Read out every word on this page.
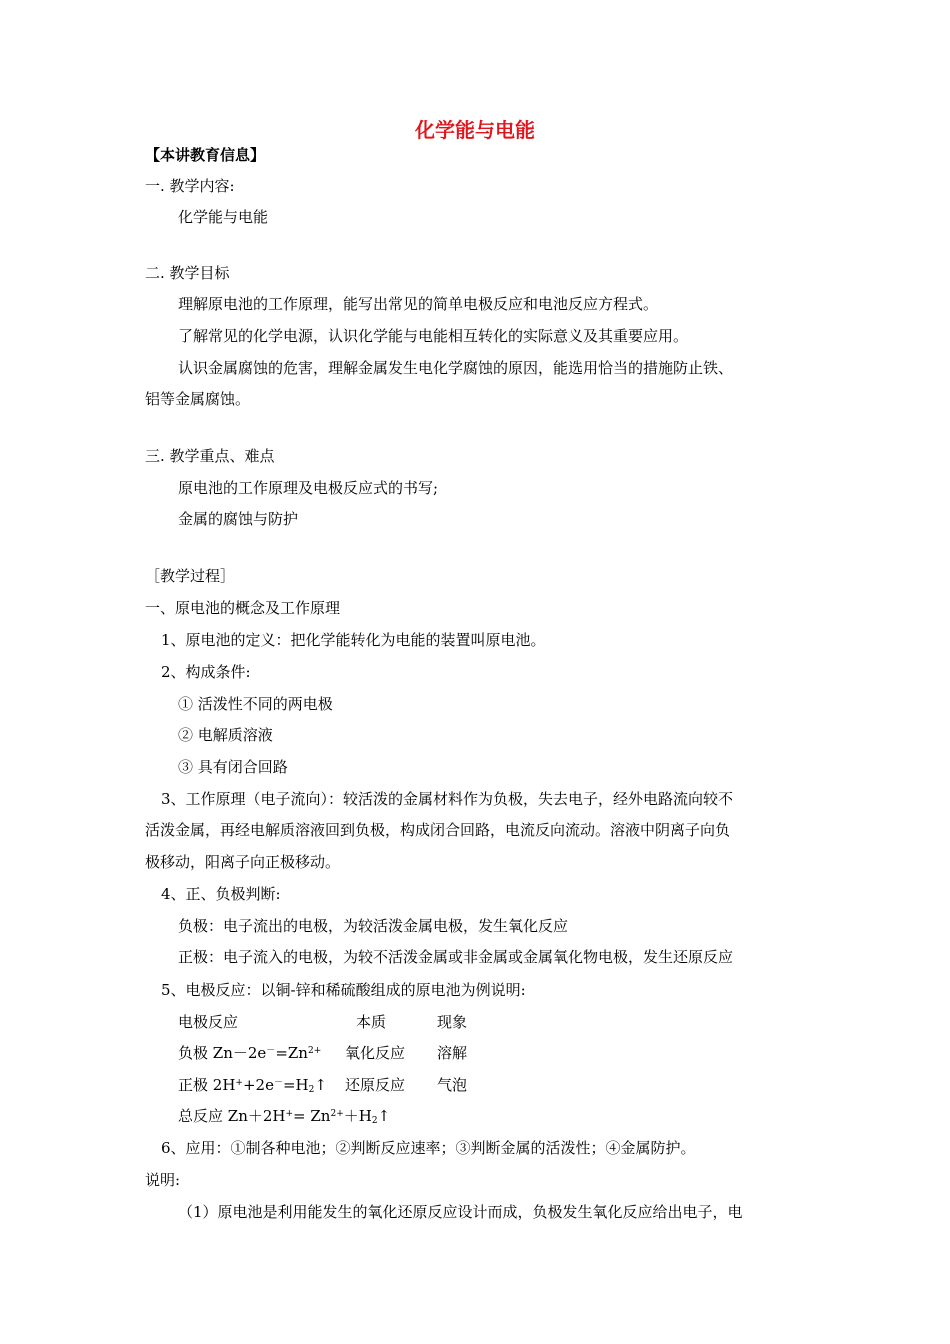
化学能与电能
【本讲教育信息】
一. 教学内容:
化学能与电能
二. 教学目标
理解原电池的工作原理，能写出常见的简单电极反应和电池反应方程式。
了解常见的化学电源，认识化学能与电能相互转化的实际意义及其重要应用。
认识金属腐蚀的危害，理解金属发生电化学腐蚀的原因，能选用恰当的措施防止铁、
铝等金属腐蚀。
三. 教学重点、难点
原电池的工作原理及电极反应式的书写;
金属的腐蚀与防护
［教学过程］
一、原电池的概念及工作原理
1、原电池的定义：把化学能转化为电能的装置叫原电池。
2、构成条件:
① 活泼性不同的两电极
② 电解质溶液
③ 具有闭合回路
3、工作原理（电子流向）：较活泼的金属材料作为负极，失去电子，经外电路流向较不
活泼金属，再经电解质溶液回到负极，构成闭合回路，电流反向流动。溶液中阴离子向负
极移动，阳离子向正极移动。
4、正、负极判断:
负极：电子流出的电极，为较活泼金属电极，发生氧化反应
正极：电子流入的电极，为较不活泼金属或非金属或金属氧化物电极，发生还原反应
5、电极反应：以铜-锌和稀硫酸组成的原电池为例说明:
电极反应	本质	现象
负极 $Zn-2e^-=Zn^{2+}$ 氧化反应 溶解
正极 $2H^++2e^-=H_2↑$ 还原反应 气泡
总反应 $Zn+2H^+= Zn^{2+}+H_2↑$
6、应用：①制各种电池；②判断反应速率；③判断金属的活泼性；④金属防护。
说明:
（1）原电池是利用能发生的氧化还原反应设计而成，负极发生氧化反应给出电子，电
